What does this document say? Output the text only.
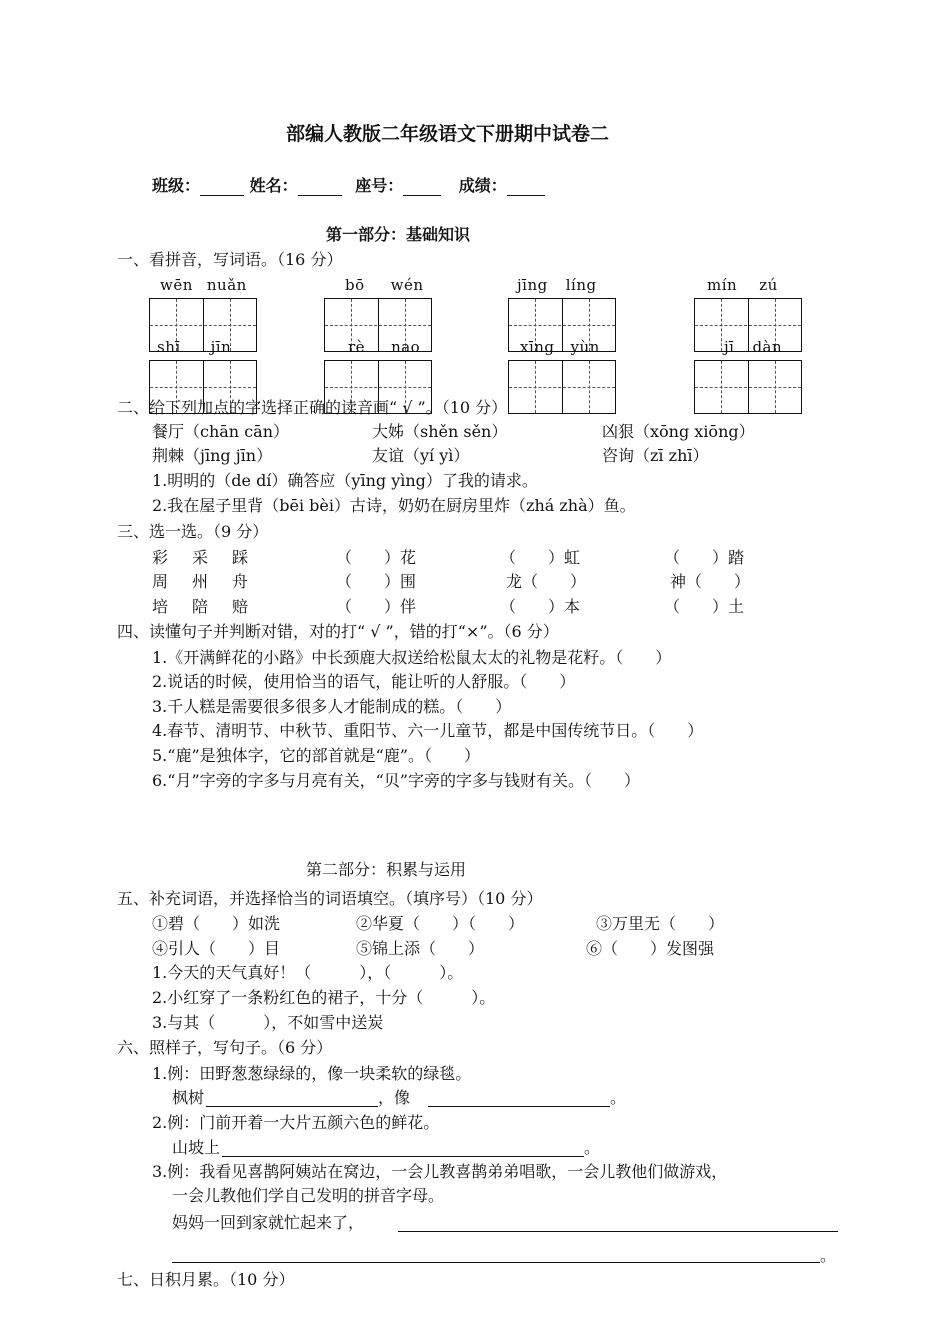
部编人教版二年级语文下册期中试卷二
班级：	姓名：	座号：	成绩：
第一部分：基础知识
一、看拼音，写词语。（16 分）
wēn nuǎn	bō wén	jīng líng	mín zú
shī jīn	rè nao	xīng yùn	jī dàn
二、给下列加点的字选择正确的读音画“ √ ”。（10 分）
餐厅（chān cān）	大姊（shěn sěn）	凶狠（xōng xiōng）
荆棘（jīng jīn）	友谊（yí yì）	咨询（zī zhī）
1.明明的（de dí）确答应（yīng yìng）了我的请求。
2.我在屋子里背（bēi bèi）古诗，奶奶在厨房里炸（zhá zhà）鱼。
三、选一选。（9 分）
彩　采　踩	（　　）花	（　　）虹	（　　）踏
周　州　舟	（　　）围	龙（　　）	神（　　）
培　陪　赔	（　　）伴	（　　）本	（　　）土
四、读懂句子并判断对错，对的打“ √ ”，错的打“×”。（6 分）
1.《开满鲜花的小路》中长颈鹿大叔送给松鼠太太的礼物是花籽。（　　）
2.说话的时候，使用恰当的语气，能让听的人舒服。（　　）
3.千人糕是需要很多很多人才能制成的糕。（　　）
4.春节、清明节、中秋节、重阳节、六一儿童节，都是中国传统节日。（　　）
5.“鹿”是独体字，它的部首就是“鹿”。（　　）
6.“月”字旁的字多与月亮有关，“贝”字旁的字多与钱财有关。（　　）
第二部分：积累与运用
五、补充词语，并选择恰当的词语填空。（填序号）（10 分）
①碧（　　）如洗	②华夏（　　）（　　）	③万里无（　　）
④引人（　　）目	⑤锦上添（　　）	⑥（　　）发图强
1.今天的天气真好！（　　　），（　　　）。
2.小红穿了一条粉红色的裙子，十分（　　　）。
3.与其（　　　），不如雪中送炭
六、照样子，写句子。（6 分）
1.例：田野葱葱绿绿的，像一块柔软的绿毯。
枫树	，像	。
2.例：门前开着一大片五颜六色的鲜花。
山坡上	。
3.例：我看见喜鹊阿姨站在窝边，一会儿教喜鹊弟弟唱歌，一会儿教他们做游戏，
一会儿教他们学自己发明的拼音字母。
妈妈一回到家就忙起来了，
。
七、日积月累。（10 分）
